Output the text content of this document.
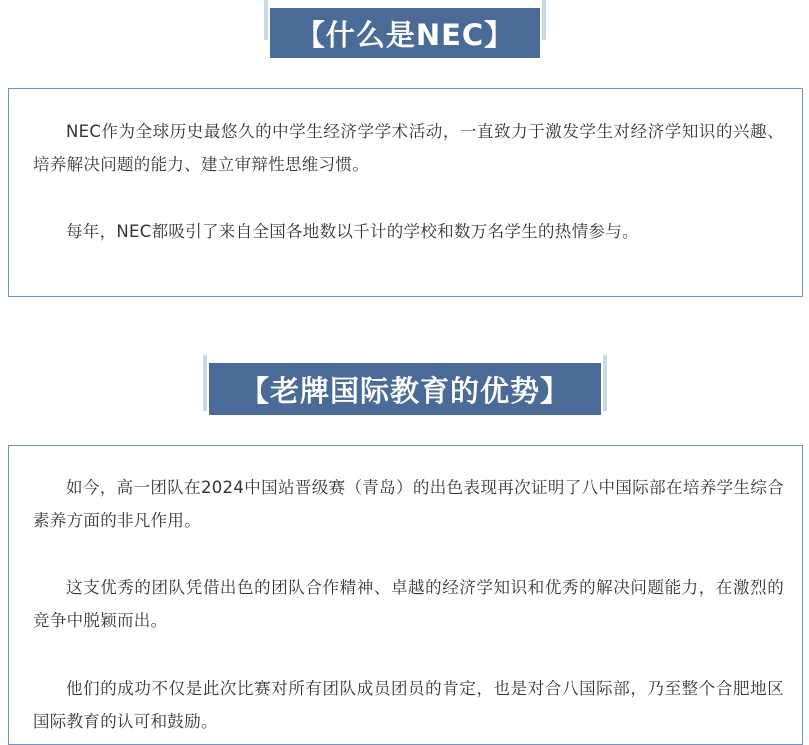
【什么是NEC】

NEC作为全球历史最悠久的中学生经济学学术活动，一直致力于激发学生对经济学知识的兴趣、培养解决问题的能力、建立审辩性思维习惯。

每年，NEC都吸引了来自全国各地数以千计的学校和数万名学生的热情参与。

【老牌国际教育的优势】

如今，高一团队在2024中国站晋级赛（青岛）的出色表现再次证明了八中国际部在培养学生综合素养方面的非凡作用。

这支优秀的团队凭借出色的团队合作精神、卓越的经济学知识和优秀的解决问题能力，在激烈的竞争中脱颖而出。

他们的成功不仅是此次比赛对所有团队成员团员的肯定，也是对合八国际部，乃至整个合肥地区国际教育的认可和鼓励。
